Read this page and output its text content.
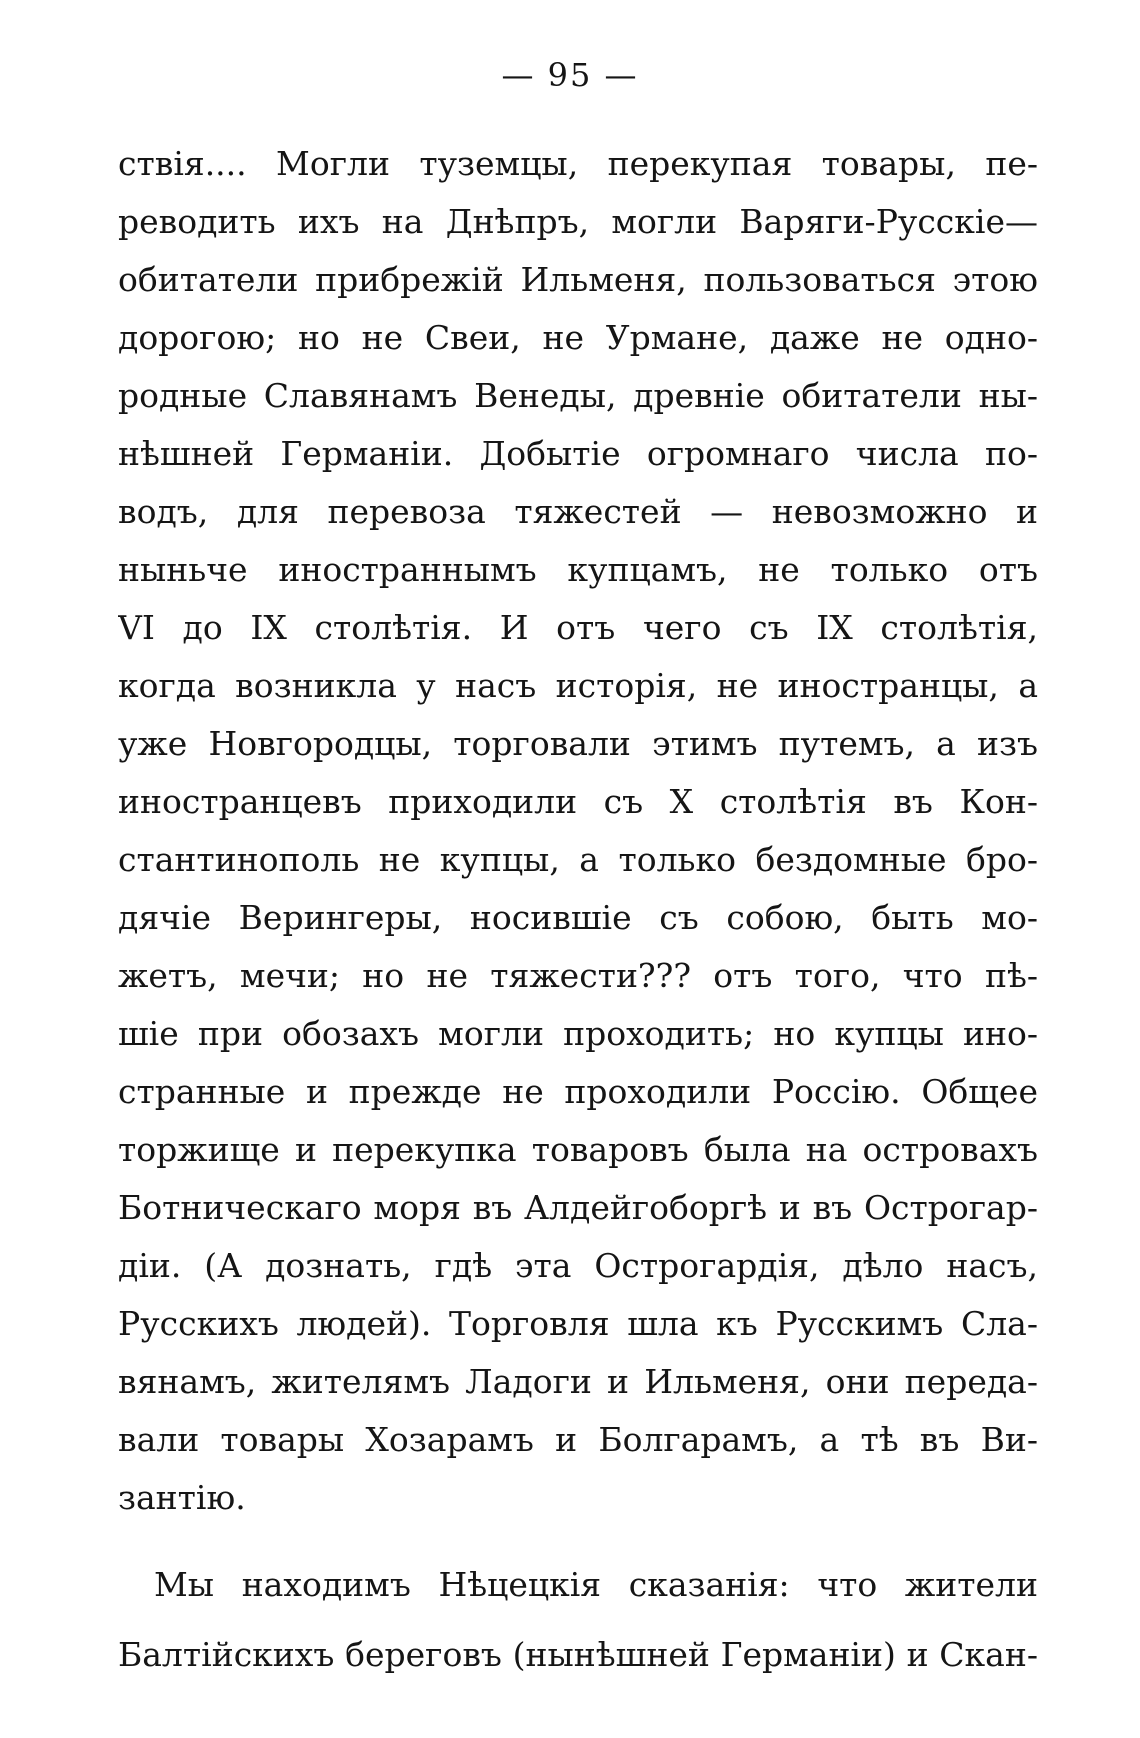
— 95 —
ствія.... Могли туземцы, перекупая товары, пе-
реводить ихъ на Днѣпръ, могли Варяги-Русскіе—
обитатели прибрежій Ильменя, пользоваться этою
дорогою; но не Свеи, не Урмане, даже не одно-
родные Славянамъ Венеды, древніе обитатели ны-
нѣшней Германіи. Добытіе огромнаго числа по-
водъ, для перевоза тяжестей — невозможно и
ныньче иностраннымъ купцамъ, не только отъ
VI до IX столѣтія. И отъ чего съ IX столѣтія,
когда возникла у насъ исторія, не иностранцы, а
уже Новгородцы, торговали этимъ путемъ, а изъ
иностранцевъ приходили съ X столѣтія въ Кон-
стантинополь не купцы, а только бездомные бро-
дячіе Верингеры, носившіе съ собою, быть мо-
жетъ, мечи; но не тяжести??? отъ того, что пѣ-
шіе при обозахъ могли проходить; но купцы ино-
странные и прежде не проходили Россію. Общее
торжище и перекупка товаровъ была на островахъ
Ботническаго моря въ Алдейгоборгѣ и въ Острогар-
діи. (А дознать, гдѣ эта Острогардія, дѣло насъ,
Русскихъ людей). Торговля шла къ Русскимъ Сла-
вянамъ, жителямъ Ладоги и Ильменя, они переда-
вали товары Хозарамъ и Болгарамъ, а тѣ въ Ви-
зантію.
Мы находимъ Нѣцецкія сказанія: что жители
Балтійскихъ береговъ (нынѣшней Германіи) и Скан-
